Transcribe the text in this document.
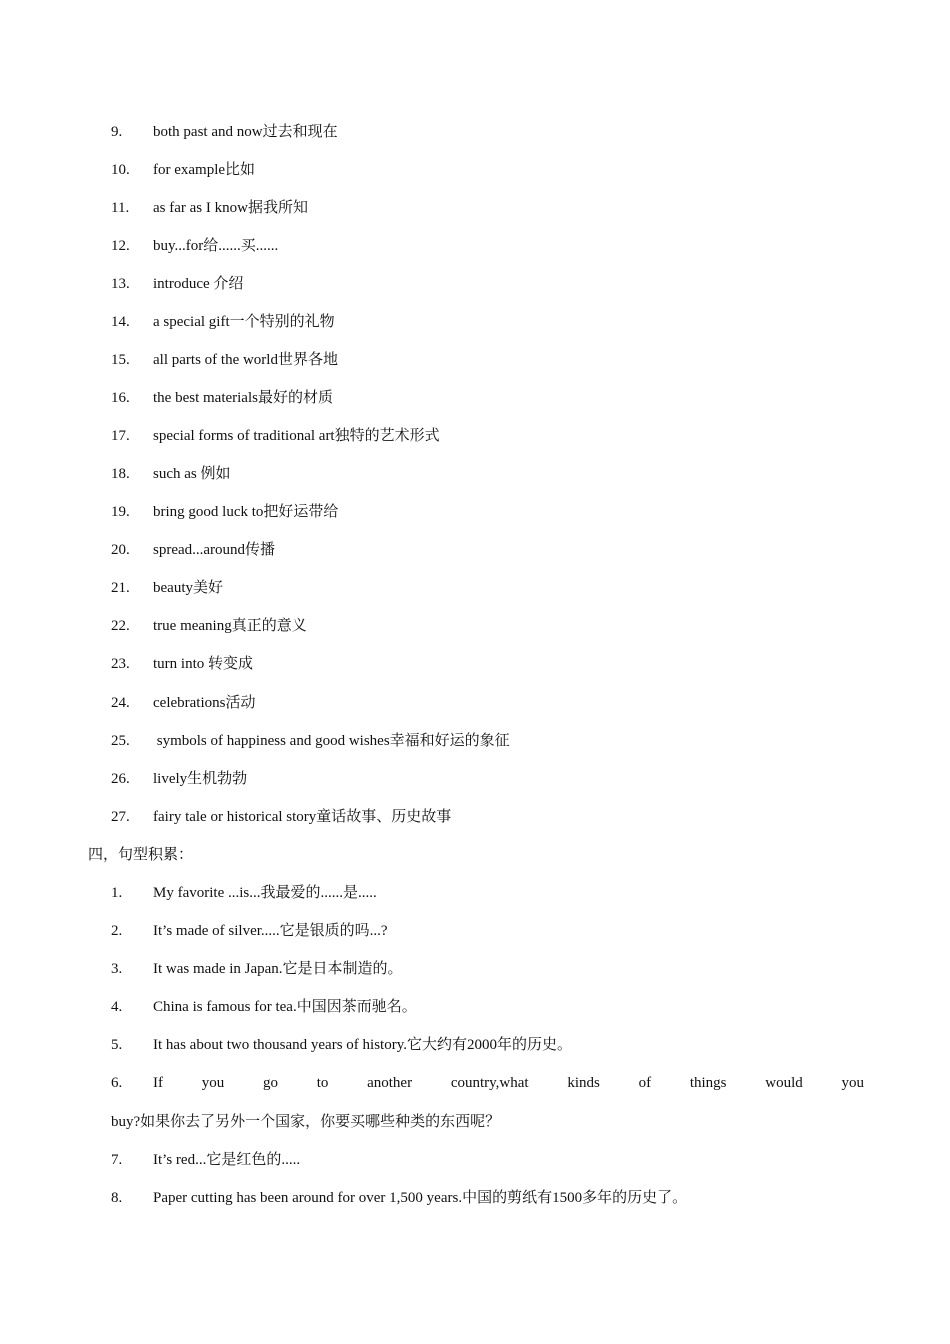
9. both past and now过去和现在
10. for example比如
11. as far as I know据我所知
12. buy...for给......买......
13. introduce 介绍
14. a special gift一个特别的礼物
15. all parts of the world世界各地
16. the best materials最好的材质
17. special forms of traditional art独特的艺术形式
18. such as 例如
19. bring good luck to把好运带给
20. spread...around传播
21. beauty美好
22. true meaning真正的意义
23. turn into 转变成
24. celebrations活动
25. symbols of happiness and good wishes幸福和好运的象征
26. lively生机勃勃
27. fairy tale or historical story童话故事、历史故事
四，句型积累：
1. My favorite ...is...我最爱的......是.....
2. It’s made of silver.....它是银质的吗...?
3. It was made in Japan.它是日本制造的。
4. China is famous for tea.中国因茶而驰名。
5. It has about two thousand years of history.它大约有2000年的历史。
6. If	you	go	to	another	country,what	kinds	of	things	would	you
buy?如果你去了另外一个国家，你要买哪些种类的东西呢？
7. It’s red...它是红色的.....
8. Paper cutting has been around for over 1,500 years.中国的剪纸有1500多年的历史了。
